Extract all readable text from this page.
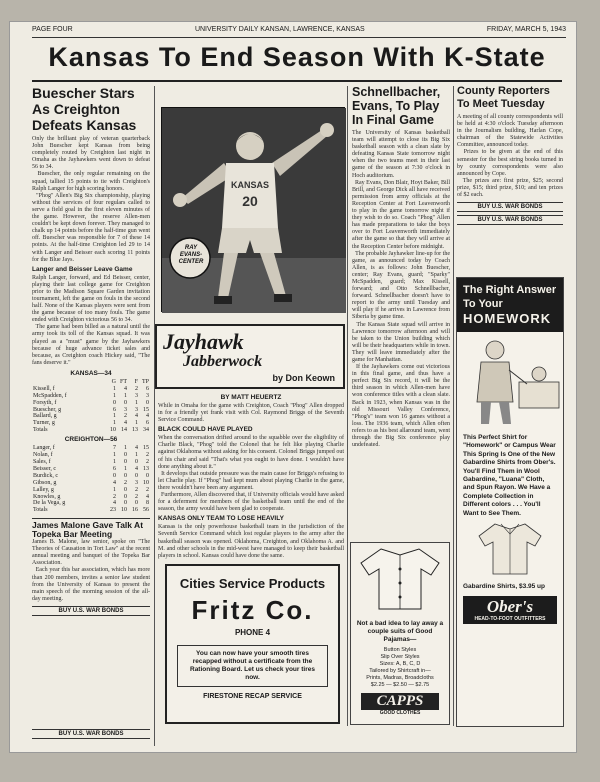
PAGE FOUR	UNIVERSITY DAILY KANSAN, LAWRENCE, KANSAS	FRIDAY, MARCH 5, 1943
Kansas To End Season With K-State
Buescher Stars As Creighton Defeats Kansas
Only the brilliant play of veteran quarterback John Buescher kept Kansas from being completely routed by Creighton last night in Omaha as the Jayhawkers went down to defeat 56 to 34.
Buescher, the only regular remaining on the squad, tallied 15 points to tie with Creighton's Ralph Langer for high scoring honors.
"Phog" Allen's Big Six championship, playing without the services of four regulars called to serve a field goal in the first eleven minutes of the game. However, the reserve Allen-men couldn't be kept down forever. They managed to chalk up 14 points before the half-time gun went off. Buescher was responsible for 7 of these 14 points. At the half-time Creighton led 29 to 14 with Langer and Beisser each scoring 11 points for the Blue Jays.
Langer and Beisser Leave Game
Ralph Langer, forward, and Ed Beisser, center, playing their last college game for Creighton prior to the Madison Square Garden invitation tournament, left the game on fouls in the second half. None of the Kansas players were sent from the game because of too many fouls. The game ended with Creighton victorious 56 to 34.
The game had been billed as a natural until the army took its toll of the Kansas squad. It was played as a "must" game by the Jayhawkers because of huge advance ticket sales and because, as Creighton coach Hickey said, "The fans deserve it."
KANSAS—34
	G	FT	F	TP
Kissell, f	1	4	2	6
McSpadden, f	1	1	3	3
Forsyth, f	0	0	1	0
Buescher, g	6	3	3	15
Ballard, g	1	2	4	4
Turner, g	1	4	1	6
Totals	10	14	13	34
CREIGHTON—56
Langer, f	7	1	4	15
Nolan, f	1	0	1	2
Sales, f	1	0	0	2
Beisser, c	6	1	4	13
Burdick, c	0	0	0	0
Gibson, g	4	2	3	10
Lalley, g	1	0	2	2
Knowles, g	2	0	2	4
De la Vega, g	4	0	0	8
Totals	23	10	16	56
James Malone Gave Talk At Topeka Bar Meeting
James B. Malone, law senior, spoke on "The Theories of Causation in Tort Law" at the recent annual meeting and banquet of the Topeka Bar Association.
Each year this bar association, which has more than 200 members, invites a senior law student from the University of Kansas to present the main speech of the morning session of the all-day meeting.
BUY U.S. WAR BONDS
KANSAS
20
RAY
EVANS-
CENTER
Jayhawk
Jabberwock
by Don Keown
BY MATT HEUERTZ
While in Omaha for the game with Creighton, Coach "Phog" Allen dropped in for a friendly yet frank visit with Col. Raymond Briggs of the Seventh Service Command.
BLACK COULD HAVE PLAYED
When the conversation drifted around to the squabble over the eligibility of Charlie Black, "Phog" told the Colonel that he felt like playing Charlie against Oklahoma without asking for his consent. Colonel Briggs jumped out of his chair and said "That's what you ought to have done. I wouldn't have done anything about it."
It develops that outside pressure was the main cause for Briggs's refusing to let Charlie play. If "Phog" had kept mum about playing Charlie in the game, there wouldn't have been any argument.
Furthermore, Allen discovered that, if University officials would have asked for a deferment for members of the basketball team until the end of the season, the army would have been glad to cooperate.
KANSAS ONLY TEAM TO LOSE HEAVILY
Kansas is the only powerhouse basketball team in the jurisdiction of the Seventh Service Command which lost regular players to the army after the basketball season was opened. Oklahoma, Creighton, and Oklahoma A. and M. and other schools in the mid-west have managed to keep their basketball players in school. Kansas could have done the same.
Cities Service Products
Fritz Co.
PHONE 4
You can now have your smooth tires recapped without a certificate from the Rationing Board. Let us check your tires now.
FIRESTONE RECAP SERVICE
Schnellbacher, Evans, To Play In Final Game
The University of Kansas basketball team will attempt to close its Big Six basketball season with a clean slate by defeating Kansas State tomorrow night when the two teams meet in their last game of the season at 7:30 o'clock in Hoch auditorium.
Ray Evans, Don Blair, Hoyt Baker, Bill Brill, and George Dick all have received permission from army officials at the Reception Center at Fort Leavenworth to play in the game tomorrow night if they wish to do so. Coach "Phog" Allen has made preparations to take the boys over to Fort Leavenworth immediately after the game so that they will arrive at the Reception Center before midnight.
The probable Jayhawker line-up for the game, as announced today by Coach Allen, is as follows: John Buescher, center; Ray Evans, guard; "Sparky" McSpadden, guard; Max Kissell, forward; and Otto Schnellbacher, forward. Schnellbacher doesn't have to report to the army until Tuesday and will play if he arrives in Lawrence from Siberia by game time.
The Kansas State squad will arrive in Lawrence tomorrow afternoon and will be taken to the Union building which will be their headquarters while in town. They will leave immediately after the game for Manhattan.
If the Jayhawkers come out victorious in this final game, and thus have a perfect Big Six record, it will be the third season in which Allen-men have won conference titles with a clean slate. Back in 1923, when Kansas was in the old Missouri Valley Conference, "Phog's" team won 16 games without a loss. The 1936 team, which Allen often refers to as his best allaround team, went through the Big Six conference play undefeated.
Not a bad idea to lay away a couple suits of Good Pajamas—
Button Styles
Slip Over Styles
Sizes: A, B, C, D
Tailored by Shirtcraft in—
Prints, Madras, Broadcloths
$2.25 — $2.50 — $2.75
CAPPS
GOOD CLOTHES
County Reporters To Meet Tuesday
A meeting of all county correspondents will be held at 4:30 o'clock Tuesday afternoon in the Journalism building, Harlan Cope, chairman of the Statewide Activities Committee, announced today.
Prizes to be given at the end of this semester for the best string books turned in by county correspondents were also announced by Cope.
The prizes are: first prize, $25; second prize, $15; third prize, $10; and ten prizes of $2 each.
BUY U.S. WAR BONDS
BUY U.S. WAR BONDS
The Right Answer
To Your
HOMEWORK
This Perfect Shirt for "Homework" or Campus Wear This Spring Is One of the New Gabardine Shirts from Ober's. You'll Find Them in Wool Gabardine, "Luana" Cloth, and Spun Rayon. We Have a Complete Collection in Different colors . . . You'll Want to See Them.
Gabardine Shirts, $3.95 up
Ober's
HEAD-TO-FOOT OUTFITTERS
BUY U.S. WAR BONDS
